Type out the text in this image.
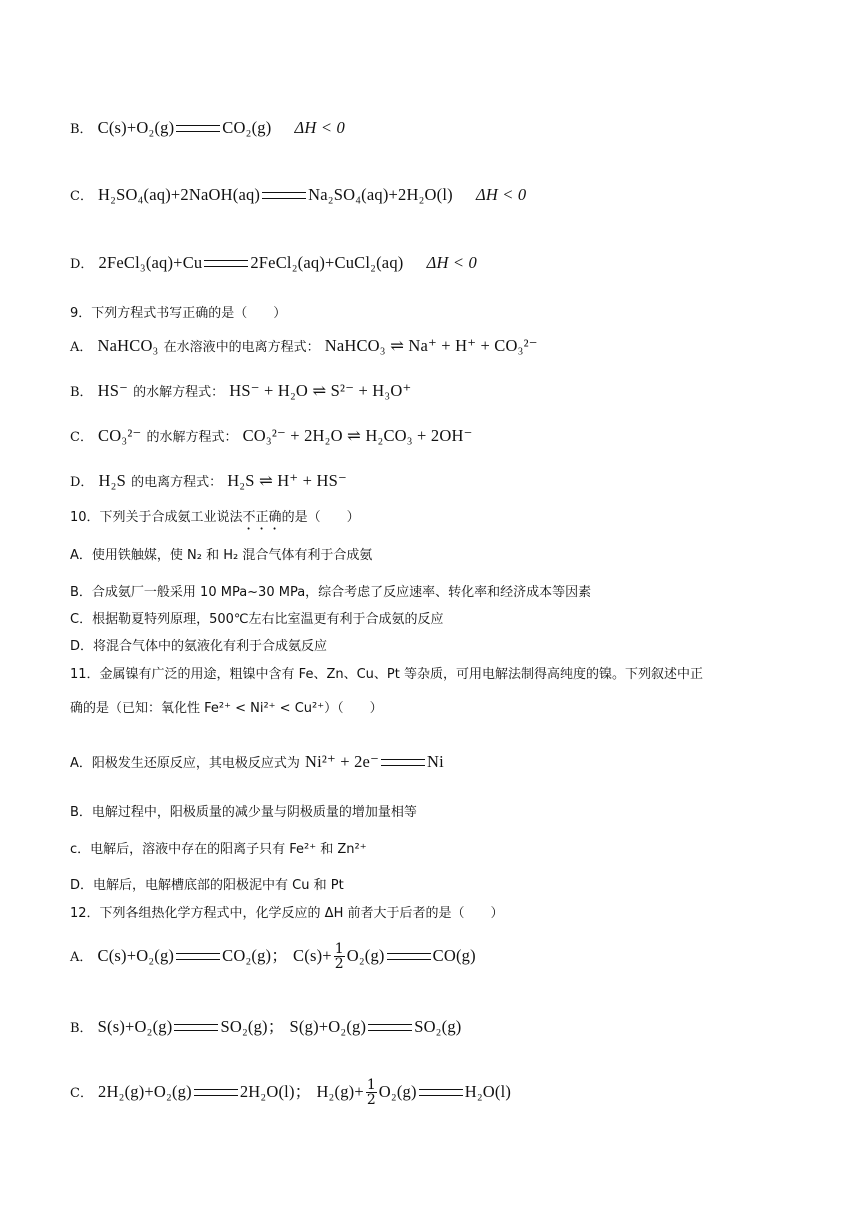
B． C(s)+O₂(g)	CO₂(g) ΔH < 0
C． H₂SO₄(aq)+2NaOH(aq)	Na₂SO₄(aq)+2H₂O(l) ΔH < 0
D． 2FeCl₃(aq)+Cu	2FeCl₂(aq)+CuCl₂(aq) ΔH < 0
9．下列方程式书写正确的是（　　）
A． NaHCO₃ 在水溶液中的电离方程式： NaHCO₃ ⇌ Na⁺ + H⁺ + CO₃²⁻
B． HS⁻ 的水解方程式： HS⁻ + H₂O ⇌ S²⁻ + H₃O⁺
C． CO₃²⁻ 的水解方程式： CO₃²⁻ + 2H₂O ⇌ H₂CO₃ + 2OH⁻
D． H₂S 的电离方程式： H₂S ⇌ H⁺ + HS⁻
10．下列关于合成氨工业说法不正确的是（　　）
A．使用铁触媒，使 N₂ 和 H₂ 混合气体有利于合成氨
B．合成氨厂一般采用 10 MPa~30 MPa，综合考虑了反应速率、转化率和经济成本等因素
C．根据勒夏特列原理，500℃左右比室温更有利于合成氨的反应
D．将混合气体中的氨液化有利于合成氨反应
11．金属镍有广泛的用途，粗镍中含有 Fe、Zn、Cu、Pt 等杂质，可用电解法制得高纯度的镍。下列叙述中正
确的是（已知：氧化性 Fe²⁺ < Ni²⁺ < Cu²⁺）（　　）
A．阳极发生还原反应，其电极反应式为 Ni²⁺ + 2e⁻	Ni
B．电解过程中，阳极质量的减少量与阴极质量的增加量相等
c．电解后，溶液中存在的阳离子只有 Fe²⁺ 和 Zn²⁺
D．电解后，电解槽底部的阳极泥中有 Cu 和 Pt
12．下列各组热化学方程式中，化学反应的 ΔH 前者大于后者的是（　　）
A． C(s)+O₂(g)	CO₂(g)； $C(s)+ \frac{1}{2} O_2(g)$	CO(g)
B． S(s)+O₂(g)	SO₂(g)； S(g)+O₂(g)	SO₂(g)
C． 2H₂(g)+O₂(g)	2H₂O(l)； $H_2(g)+ \frac{1}{2} O_2(g)$	H₂O(l)
